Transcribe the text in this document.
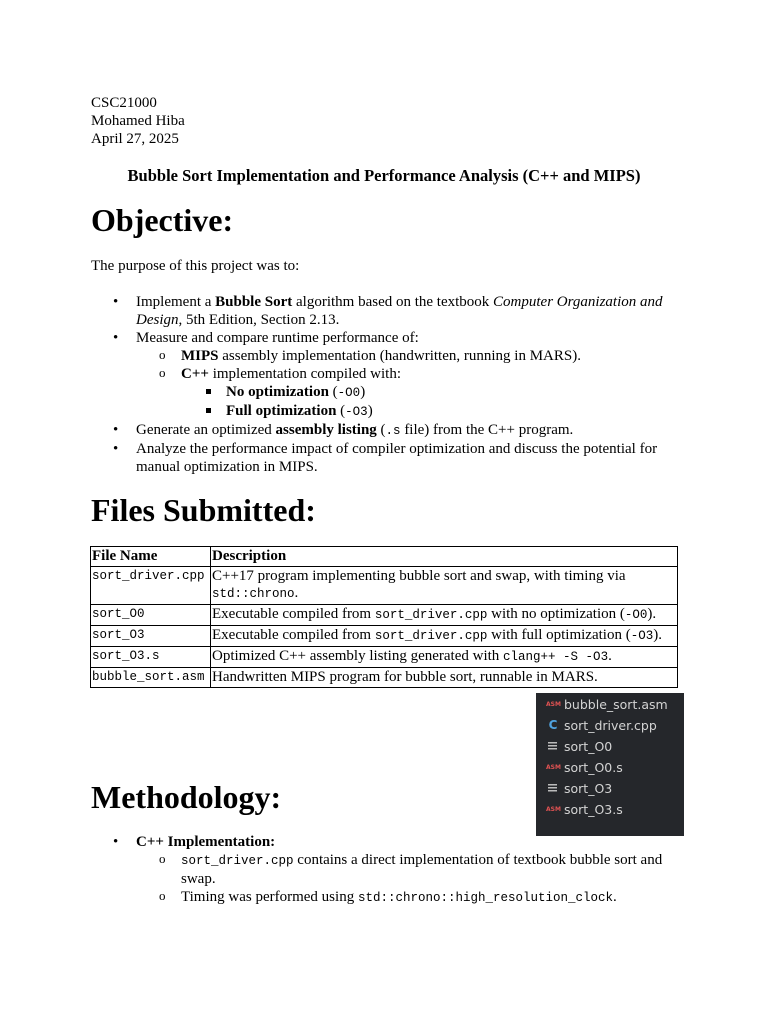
CSC21000
Mohamed Hiba
April 27, 2025
Bubble Sort Implementation and Performance Analysis (C++ and MIPS)
Objective:
The purpose of this project was to:
• Implement a Bubble Sort algorithm based on the textbook Computer Organization and Design, 5th Edition, Section 2.13.
• Measure and compare runtime performance of:
o MIPS assembly implementation (handwritten, running in MARS).
o C++ implementation compiled with:
No optimization (-O0)
Full optimization (-O3)
• Generate an optimized assembly listing (.s file) from the C++ program.
• Analyze the performance impact of compiler optimization and discuss the potential for manual optimization in MIPS.
Files Submitted:
File Name	Description
sort_driver.cpp	C++17 program implementing bubble sort and swap, with timing via std::chrono.
sort_O0	Executable compiled from sort_driver.cpp with no optimization (-O0).
sort_O3	Executable compiled from sort_driver.cpp with full optimization (-O3).
sort_O3.s	Optimized C++ assembly listing generated with clang++ -S -O3.
bubble_sort.asm	Handwritten MIPS program for bubble sort, runnable in MARS.
ASM bubble_sort.asm
C sort_driver.cpp
sort_O0
ASM sort_O0.s
sort_O3
ASM sort_O3.s
Methodology:
• C++ Implementation:
o sort_driver.cpp contains a direct implementation of textbook bubble sort and swap.
o Timing was performed using std::chrono::high_resolution_clock.
